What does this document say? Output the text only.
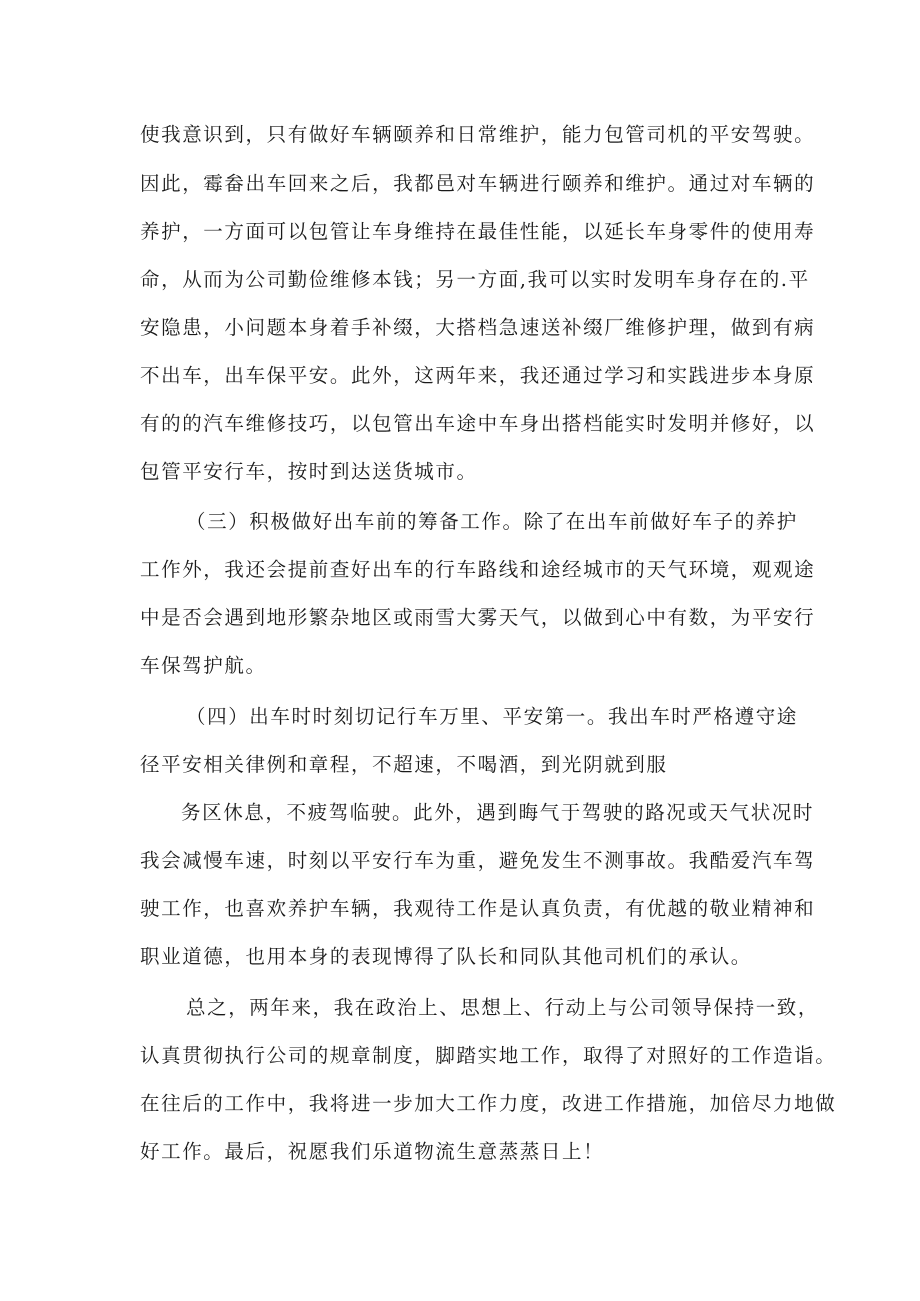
使我意识到，只有做好车辆颐养和日常维护，能力包管司机的平安驾驶。
因此，霉畚出车回来之后，我都邑对车辆进行颐养和维护。通过对车辆的
养护，一方面可以包管让车身维持在最佳性能，以延长车身零件的使用寿
命，从而为公司勤俭维修本钱；另一方面,我可以实时发明车身存在的.平
安隐患，小问题本身着手补缀，大搭档急速送补缀厂维修护理，做到有病
不出车，出车保平安。此外，这两年来，我还通过学习和实践进步本身原
有的的汽车维修技巧，以包管出车途中车身出搭档能实时发明并修好，以
包管平安行车，按时到达送货城市。
（三）积极做好出车前的筹备工作。除了在出车前做好车子的养护
工作外，我还会提前查好出车的行车路线和途经城市的天气环境，观观途
中是否会遇到地形繁杂地区或雨雪大雾天气，以做到心中有数，为平安行
车保驾护航。
（四）出车时时刻切记行车万里、平安第一。我出车时严格遵守途
径平安相关律例和章程，不超速，不喝酒，到光阴就到服
务区休息，不疲驾临驶。此外，遇到晦气于驾驶的路况或天气状况时
我会减慢车速，时刻以平安行车为重，避免发生不测事故。我酷爱汽车驾
驶工作，也喜欢养护车辆，我观待工作是认真负责，有优越的敬业精神和
职业道德，也用本身的表现博得了队长和同队其他司机们的承认。
总之，两年来，我在政治上、思想上、行动上与公司领导保持一致，
认真贯彻执行公司的规章制度，脚踏实地工作，取得了对照好的工作造诣。
在往后的工作中，我将进一步加大工作力度，改进工作措施，加倍尽力地做
好工作。最后，祝愿我们乐道物流生意蒸蒸日上！
